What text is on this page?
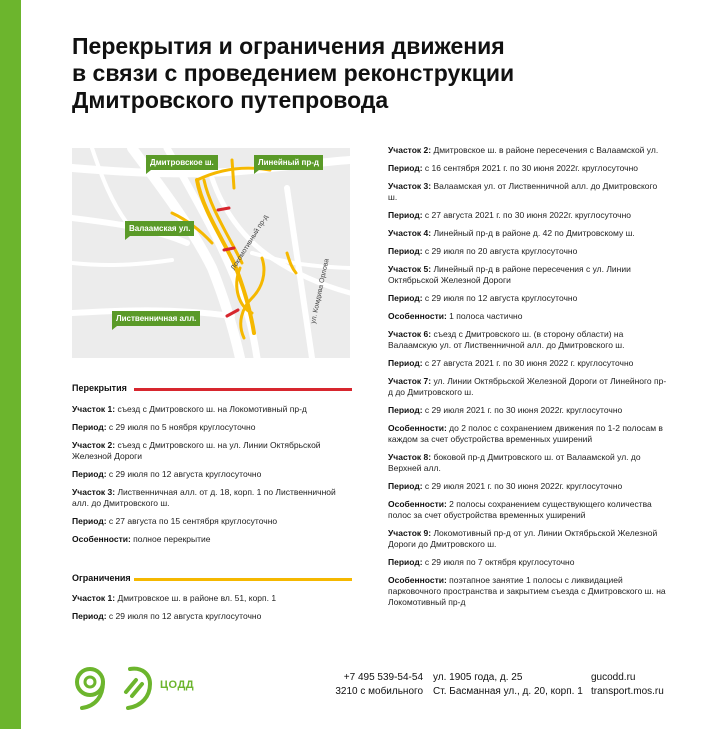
Перекрытия и ограничения движения
в связи с проведением реконструкции
Дмитровского путепровода
Дмитровское ш.	Линейный пр-д
Валаамская ул.
Лиственничная алл.
Локомотивный пр-д
ул. Комдива Орлова
Перекрытия

Участок 1: съезд с Дмитровского ш. на Локомотивный пр-д

Период: с 29 июля по 5 ноября круглосуточно

Участок 2: съезд с Дмитровского ш. на ул. Линии Октябрьской Железной Дороги

Период: с 29 июля по 12 августа круглосуточно

Участок 3: Лиственничная алл. от д. 18, корп. 1 по Лиственничной алл. до Дмитровского ш.

Период: с 27 августа по 15 сентября круглосуточно

Особенности: полное перекрытие

Ограничения

Участок 1: Дмитровское ш. в районе вл. 51, корп. 1

Период: с 29 июля по 12 августа круглосуточно

Участок 2: Дмитровское ш. в районе пересечения с Валаамской ул.

Период: с 16 сентября 2021 г. по 30 июня 2022г. круглосуточно

Участок 3: Валаамская ул. от Лиственничной алл. до Дмитровского ш.

Период: с 27 августа 2021 г. по 30 июня 2022г. круглосуточно

Участок 4: Линейный пр-д в районе д. 42 по Дмитровскому ш.

Период: с 29 июля по 20 августа круглосуточно

Участок 5: Линейный пр-д в районе пересечения с ул. Линии Октябрьской Железной Дороги

Период: с 29 июля по 12 августа круглосуточно

Особенности: 1 полоса частично

Участок 6: съезд с Дмитровского ш. (в сторону области) на Валаамскую ул. от Лиственничной алл. до Дмитровского ш.

Период: с 27 августа 2021 г. по 30 июня 2022 г. круглосуточно

Участок 7: ул. Линии Октябрьской Железной Дороги от Линейного пр-д до Дмитровского ш.

Период: с 29 июля 2021 г. по 30 июня 2022г. круглосуточно

Особенности: до 2 полос с сохранением движения по 1-2 полосам в каждом за счет обустройства временных уширений

Участок 8: боковой пр-д Дмитровского ш. от Валаамской ул. до Верхней алл.

Период: с 29 июля 2021 г. по 30 июня 2022г. круглосуточно

Особенности: 2 полосы сохранением существующего количества полос за счет обустройства временных уширений

Участок 9: Локомотивный пр-д от ул. Линии Октябрьской Железной Дороги до Дмитровского ш.

Период: с 29 июля по 7 октября круглосуточно

Особенности: поэтапное занятие 1 полосы с ликвидацией парковочного пространства и закрытием съезда с Дмитровского ш. на Локомотивный пр-д

ЦОДД
+7 495 539-54-54
3210 с мобильного
ул. 1905 года, д. 25
Ст. Басманная ул., д. 20, корп. 1
gucodd.ru
transport.mos.ru
